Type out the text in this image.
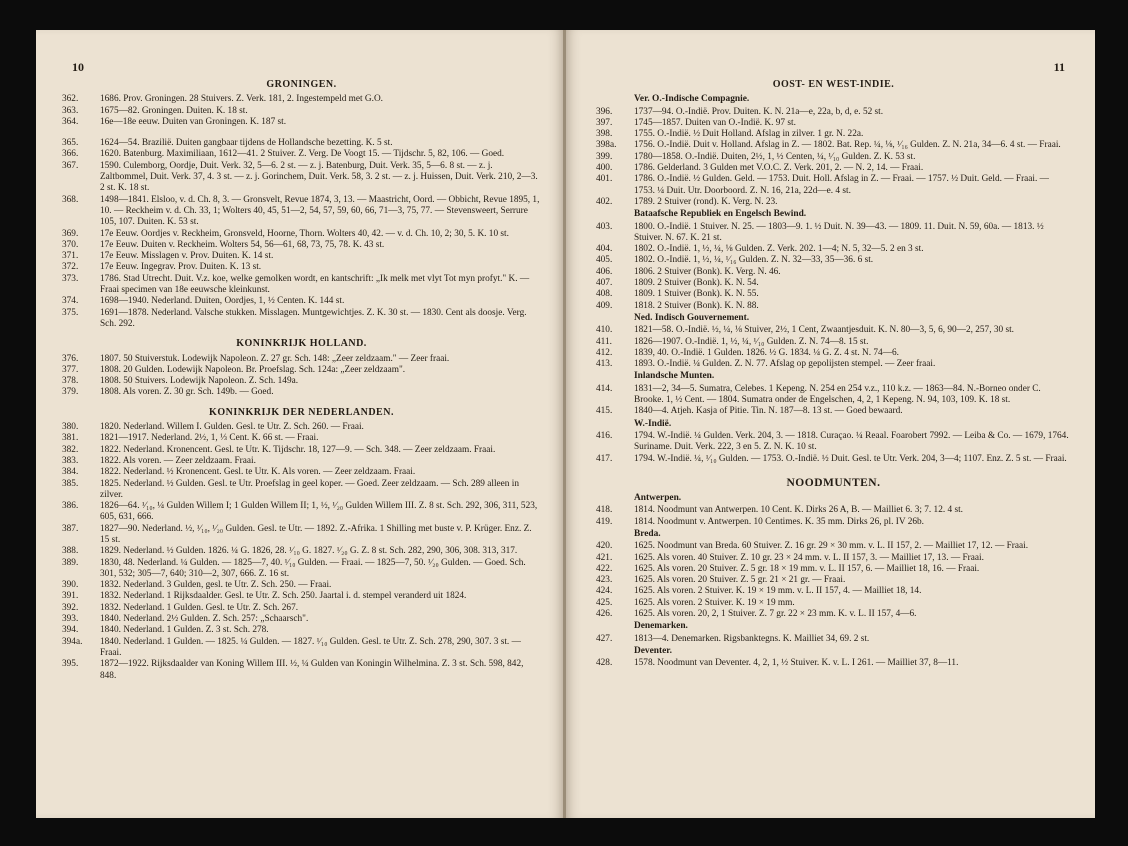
10
GRONINGEN.
362.	1686. Prov. Groningen. 28 Stuivers. Z. Verk. 181, 2. Ingestempeld met G.O.
363.	1675—82. Groningen. Duiten. K. 18 st.
364.	16e—18e eeuw. Duiten van Groningen. K. 187 st.
365.	1624—54. Brazilië. Duiten gangbaar tijdens de Hollandsche bezetting. K. 5 st.
366.	1620. Batenburg. Maximiliaan, 1612—41. 2 Stuiver. Z. Verg. De Voogt 15. — Tijdschr. 5, 82, 106. — Goed.
367.	1590. Culemborg, Oordje, Duit. Verk. 32, 5—6. 2 st. — z. j. Batenburg, Duit. Verk. 35, 5—6. 8 st. — z. j. Zaltbommel, Duit. Verk. 37, 4. 3 st. — z. j. Gorinchem, Duit. Verk. 58, 3. 2 st. — z. j. Huissen, Duit. Verk. 210, 2—3. 2 st. K. 18 st.
368.	1498—1841. Elsloo, v. d. Ch. 8, 3. — Gronsvelt, Revue 1874, 3, 13. — Maastricht, Oord. — Obbicht, Revue 1895, 1, 10. — Reckheim v. d. Ch. 33, 1; Wolters 40, 45, 51—2, 54, 57, 59, 60, 66, 71—3, 75, 77. — Stevensweert, Serrure 105, 107. Duiten. K. 53 st.
369.	17e Eeuw. Oordjes v. Reckheim, Gronsveld, Hoorne, Thorn. Wolters 40, 42. — v. d. Ch. 10, 2; 30, 5. K. 10 st.
370.	17e Eeuw. Duiten v. Reckheim. Wolters 54, 56—61, 68, 73, 75, 78. K. 43 st.
371.	17e Eeuw. Misslagen v. Prov. Duiten. K. 14 st.
372.	17e Eeuw. Ingegrav. Prov. Duiten. K. 13 st.
373.	1786. Stad Utrecht. Duit. V.z. koe, welke gemolken wordt, en kantschrift: „Ik melk met vlyt Tot myn profyt." K. — Fraai specimen van 18e eeuwsche kleinkunst.
374.	1698—1940. Nederland. Duiten, Oordjes, 1, ½ Centen. K. 144 st.
375.	1691—1878. Nederland. Valsche stukken. Misslagen. Muntgewichtjes. Z. K. 30 st. — 1830. Cent als doosje. Verg. Sch. 292.
KONINKRIJK HOLLAND.
376.	1807. 50 Stuiverstuk. Lodewijk Napoleon. Z. 27 gr. Sch. 148: „Zeer zeldzaam." — Zeer fraai.
377.	1808. 20 Gulden. Lodewijk Napoleon. Br. Proefslag. Sch. 124a: „Zeer zeldzaam".
378.	1808. 50 Stuivers. Lodewijk Napoleon. Z. Sch. 149a.
379.	1808. Als voren. Z. 30 gr. Sch. 149b. — Goed.
KONINKRIJK DER NEDERLANDEN.
380.	1820. Nederland. Willem I. Gulden. Gesl. te Utr. Z. Sch. 260. — Fraai.
381.	1821—1917. Nederland. 2½, 1, ⅓ Cent. K. 66 st. — Fraai.
382.	1822. Nederland. Kronencent. Gesl. te Utr. K. Tijdschr. 18, 127—9. — Sch. 348. — Zeer zeldzaam. Fraai.
383.	1822. Als voren. — Zeer zeldzaam. Fraai.
384.	1822. Nederland. ½ Kronencent. Gesl. te Utr. K. Als voren. — Zeer zeldzaam. Fraai.
385.	1825. Nederland. ½ Gulden. Gesl. te Utr. Proefslag in geel koper. — Goed. Zeer zeldzaam. — Sch. 289 alleen in zilver.
386.	1826—64. ¹⁄₁₀, ¼ Gulden Willem I; 1 Gulden Willem II; 1, ½, ¹⁄₂₀ Gulden Willem III. Z. 8 st. Sch. 292, 306, 311, 523, 605, 631, 666.
387.	1827—90. Nederland. ½, ¹⁄₁₀, ¹⁄₂₀ Gulden. Gesl. te Utr. — 1892. Z.-Afrika. 1 Shilling met buste v. P. Krüger. Enz. Z. 15 st.
388.	1829. Nederland. ½ Gulden. 1826. ¼ G. 1826, 28. ¹⁄₁₀ G. 1827. ¹⁄₂₀ G. Z. 8 st. Sch. 282, 290, 306, 308. 313, 317.
389.	1830, 48. Nederland. ¼ Gulden. — 1825—7, 40. ¹⁄₁₀ Gulden. — Fraai. — 1825—7, 50. ¹⁄₂₀ Gulden. — Goed. Sch. 301, 532; 305—7, 640; 310—2, 307, 666. Z. 16 st.
390.	1832. Nederland. 3 Gulden, gesl. te Utr. Z. Sch. 250. — Fraai.
391.	1832. Nederland. 1 Rijksdaalder. Gesl. te Utr. Z. Sch. 250. Jaartal i. d. stempel veranderd uit 1824.
392.	1832. Nederland. 1 Gulden. Gesl. te Utr. Z. Sch. 267.
393.	1840. Nederland. 2½ Gulden. Z. Sch. 257: „Schaarsch".
394.	1840. Nederland. 1 Gulden. Z. 3 st. Sch. 278.
394a.	1840. Nederland. 1 Gulden. — 1825. ¼ Gulden. — 1827. ¹⁄₁₀ Gulden. Gesl. te Utr. Z. Sch. 278, 290, 307. 3 st. — Fraai.
395.	1872—1922. Rijksdaalder van Koning Willem III. ½, ¼ Gulden van Koningin Wilhelmina. Z. 3 st. Sch. 598, 842, 848.
11
OOST- EN WEST-INDIE.
Ver. O.-Indische Compagnie.
396.	1737—94. O.-Indië. Prov. Duiten. K. N. 21a—e, 22a, b, d, e. 52 st.
397.	1745—1857. Duiten van O.-Indië. K. 97 st.
398.	1755. O.-Indië. ½ Duit Holland. Afslag in zilver. 1 gr. N. 22a.
398a.	1756. O.-Indië. Duit v. Holland. Afslag in Z. — 1802. Bat. Rep. ¼, ⅛, ¹⁄₁₆ Gulden. Z. N. 21a, 34—6. 4 st. — Fraai.
399.	1780—1858. O.-Indië. Duiten, 2½, 1, ½ Centen, ¼, ¹⁄₁₀ Gulden. Z. K. 53 st.
400.	1786. Gelderland. 3 Gulden met V.O.C. Z. Verk. 201, 2. — N. 2, 14. — Fraai.
401.	1786. O.-Indië. ½ Gulden. Geld. — 1753. Duit. Holl. Afslag in Z. — Fraai. — 1757. ½ Duit. Geld. — Fraai. — 1753. ¼ Duit. Utr. Doorboord. Z. N. 16, 21a, 22d—e. 4 st.
402.	1789. 2 Stuiver (rond). K. Verg. N. 23.
Bataafsche Republiek en Engelsch Bewind.
403.	1800. O.-Indië. 1 Stuiver. N. 25. — 1803—9. 1. ½ Duit. N. 39—43. — 1809. 11. Duit. N. 59, 60a. — 1813. ½ Stuiver. N. 67. K. 21 st.
404.	1802. O.-Indië. 1, ½, ¼, ⅛ Gulden. Z. Verk. 202. 1—4; N. 5, 32—5. 2 en 3 st.
405.	1802. O.-Indië. 1, ½, ¼, ¹⁄₁₆ Gulden. Z. N. 32—33, 35—36. 6 st.
406.	1806. 2 Stuiver (Bonk). K. Verg. N. 46.
407.	1809. 2 Stuiver (Bonk). K. N. 54.
408.	1809. 1 Stuiver (Bonk). K. N. 55.
409.	1818. 2 Stuiver (Bonk). K. N. 88.
Ned. Indisch Gouvernement.
410.	1821—58. O.-Indië. ½, ¼, ⅛ Stuiver, 2½, 1 Cent, Zwaantjesduit. K. N. 80—3, 5, 6, 90—2, 257, 30 st.
411.	1826—1907. O.-Indië. 1, ½, ¼, ¹⁄₁₀ Gulden. Z. N. 74—8. 15 st.
412.	1839, 40. O.-Indië. 1 Gulden. 1826. ½ G. 1834. ¼ G. Z. 4 st. N. 74—6.
413.	1893. O.-Indië. ¼ Gulden. Z. N. 77. Afslag op gepolijsten stempel. — Zeer fraai.
Inlandsche Munten.
414.	1831—2, 34—5. Sumatra, Celebes. 1 Kepeng. N. 254 en 254 v.z., 110 k.z. — 1863—84. N.-Borneo onder C. Brooke. 1, ½ Cent. — 1804. Sumatra onder de Engelschen, 4, 2, 1 Kepeng. N. 94, 103, 109. K. 18 st.
415.	1840—4. Atjeh. Kasja of Pitie. Tin. N. 187—8. 13 st. — Goed bewaard.
W.-Indië.
416.	1794. W.-Indië. ¼ Gulden. Verk. 204, 3. — 1818. Curaçao. ¼ Reaal. Foarobert 7992. — Leiba & Co. — 1679, 1764. Suriname. Duit. Verk. 222, 3 en 5. Z. N. K. 10 st.
417.	1794. W.-Indië. ¼, ¹⁄₁₀ Gulden. — 1753. O.-Indië. ½ Duit. Gesl. te Utr. Verk. 204, 3—4; 1107. Enz. Z. 5 st. — Fraai.
NOODMUNTEN.
Antwerpen.
418.	1814. Noodmunt van Antwerpen. 10 Cent. K. Dirks 26 A, B. — Mailliet 6. 3; 7. 12. 4 st.
419.	1814. Noodmunt v. Antwerpen. 10 Centimes. K. 35 mm. Dirks 26, pl. IV 26b.
Breda.
420.	1625. Noodmunt van Breda. 60 Stuiver. Z. 16 gr. 29 × 30 mm. v. L. II 157, 2. — Mailliet 17, 12. — Fraai.
421.	1625. Als voren. 40 Stuiver. Z. 10 gr. 23 × 24 mm. v. L. II 157, 3. — Mailliet 17, 13. — Fraai.
422.	1625. Als voren. 20 Stuiver. Z. 5 gr. 18 × 19 mm. v. L. II 157, 6. — Mailliet 18, 16. — Fraai.
423.	1625. Als voren. 20 Stuiver. Z. 5 gr. 21 × 21 gr. — Fraai.
424.	1625. Als voren. 2 Stuiver. K. 19 × 19 mm. v. L. II 157, 4. — Mailliet 18, 14.
425.	1625. Als voren. 2 Stuiver. K. 19 × 19 mm.
426.	1625. Als voren. 20, 2, 1 Stuiver. Z. 7 gr. 22 × 23 mm. K. v. L. II 157, 4—6.
Denemarken.
427.	1813—4. Denemarken. Rigsbanktegns. K. Mailliet 34, 69. 2 st.
Deventer.
428.	1578. Noodmunt van Deventer. 4, 2, 1, ½ Stuiver. K. v. L. I 261. — Mailliet 37, 8—11.
